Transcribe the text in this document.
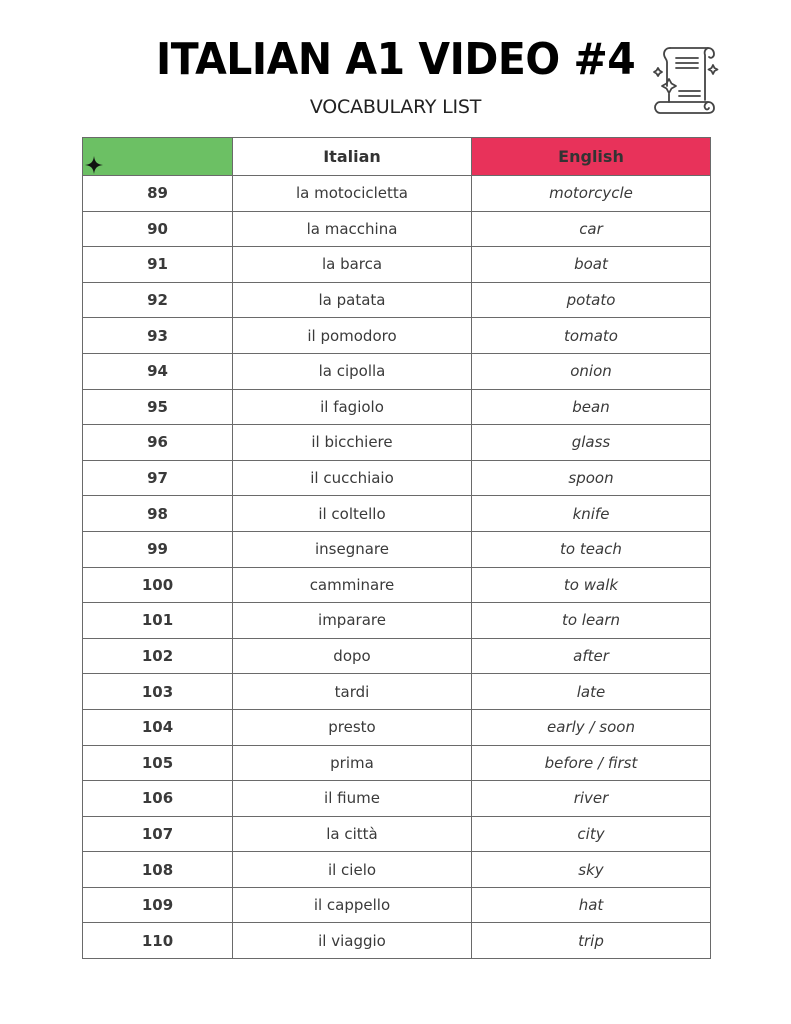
ITALIAN A1 VIDEO #4
VOCABULARY LIST
	Italian	English
89	la motocicletta	motorcycle
90	la macchina	car
91	la barca	boat
92	la patata	potato
93	il pomodoro	tomato
94	la cipolla	onion
95	il fagiolo	bean
96	il bicchiere	glass
97	il cucchiaio	spoon
98	il coltello	knife
99	insegnare	to teach
100	camminare	to walk
101	imparare	to learn
102	dopo	after
103	tardi	late
104	presto	early / soon
105	prima	before / first
106	il fiume	river
107	la città	city
108	il cielo	sky
109	il cappello	hat
110	il viaggio	trip
